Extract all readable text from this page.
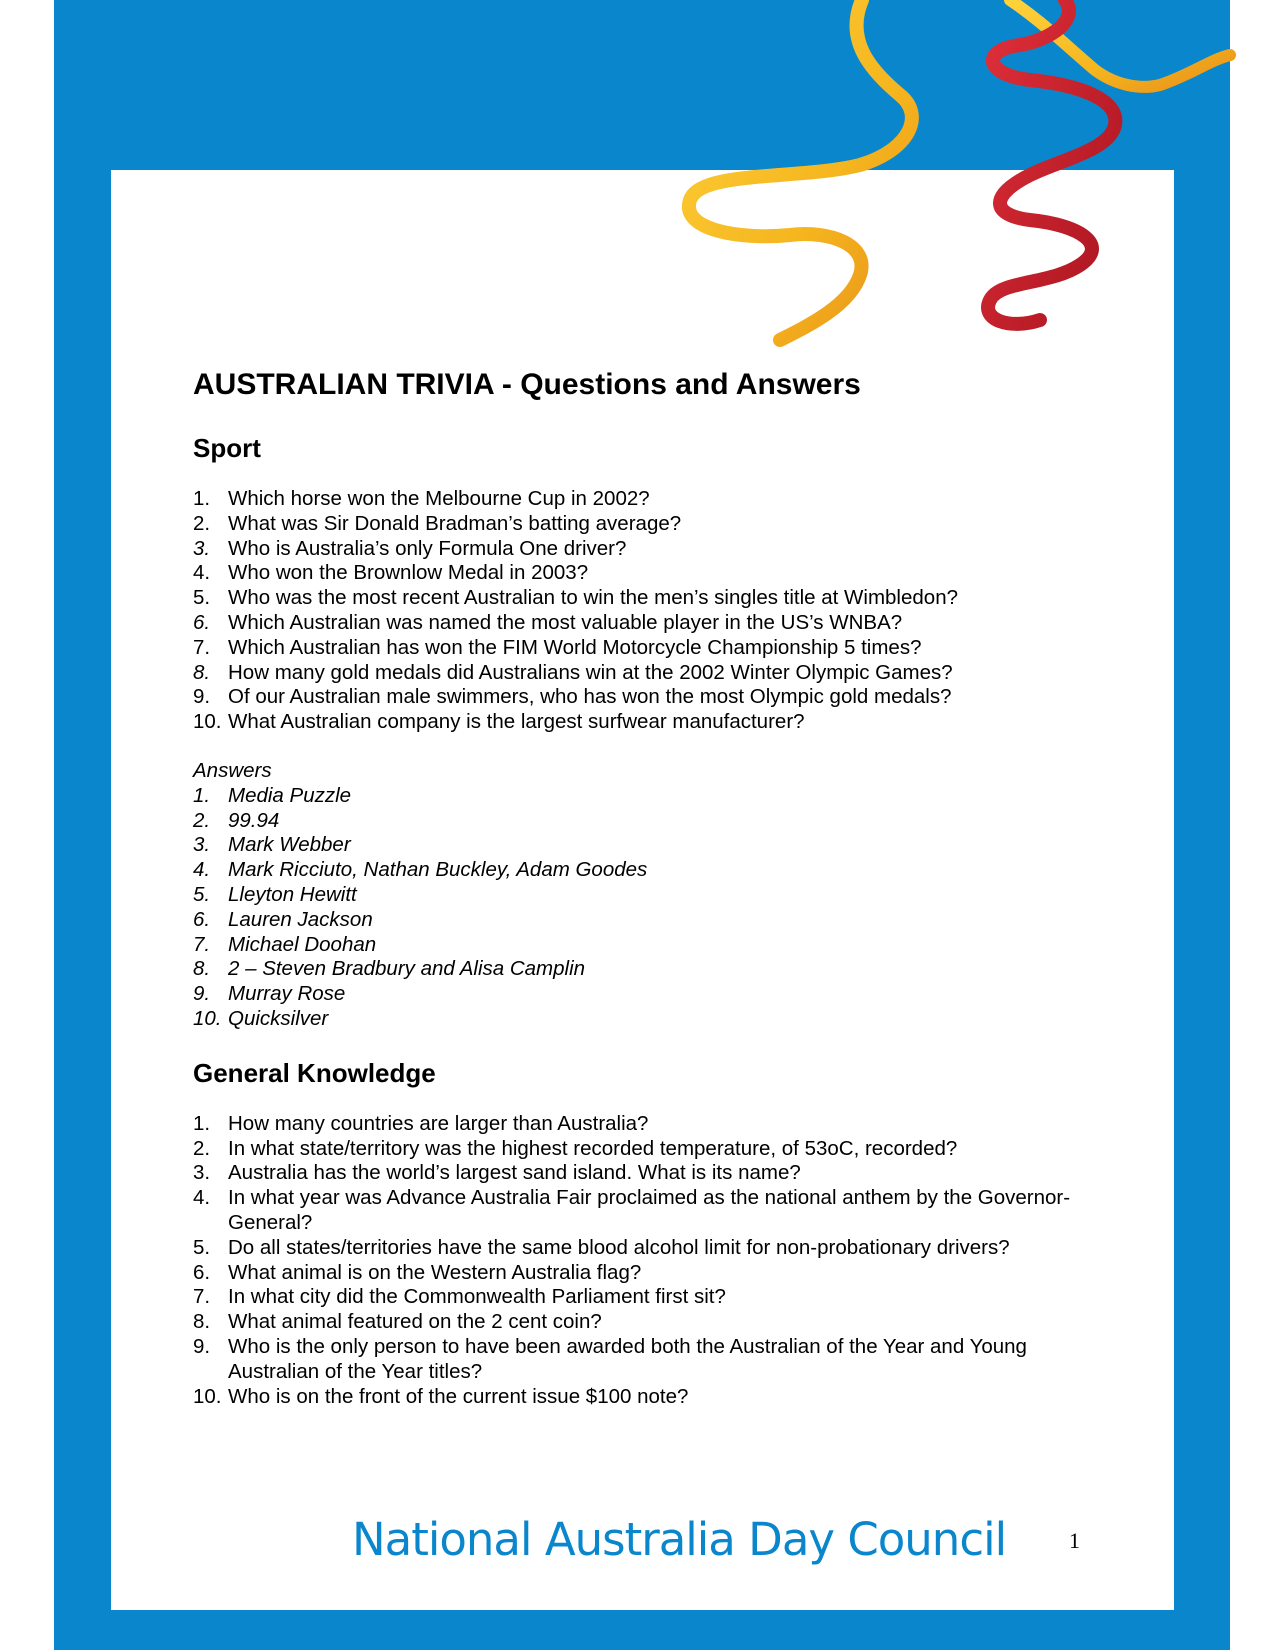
AUSTRALIAN TRIVIA - Questions and Answers
Sport
1. Which horse won the Melbourne Cup in 2002?
2. What was Sir Donald Bradman’s batting average?
3. Who is Australia’s only Formula One driver?
4. Who won the Brownlow Medal in 2003?
5. Who was the most recent Australian to win the men’s singles title at Wimbledon?
6. Which Australian was named the most valuable player in the US’s WNBA?
7. Which Australian has won the FIM World Motorcycle Championship 5 times?
8. How many gold medals did Australians win at the 2002 Winter Olympic Games?
9. Of our Australian male swimmers, who has won the most Olympic gold medals?
10. What Australian company is the largest surfwear manufacturer?
Answers
1. Media Puzzle
2. 99.94
3. Mark Webber
4. Mark Ricciuto, Nathan Buckley, Adam Goodes
5. Lleyton Hewitt
6. Lauren Jackson
7. Michael Doohan
8. 2 – Steven Bradbury and Alisa Camplin
9. Murray Rose
10. Quicksilver
General Knowledge
1. How many countries are larger than Australia?
2. In what state/territory was the highest recorded temperature, of 53oC, recorded?
3. Australia has the world’s largest sand island. What is its name?
4. In what year was Advance Australia Fair proclaimed as the national anthem by the Governor-General?
5. Do all states/territories have the same blood alcohol limit for non-probationary drivers?
6. What animal is on the Western Australia flag?
7. In what city did the Commonwealth Parliament first sit?
8. What animal featured on the 2 cent coin?
9. Who is the only person to have been awarded both the Australian of the Year and Young Australian of the Year titles?
10. Who is on the front of the current issue $100 note?
National Australia Day Council	1
